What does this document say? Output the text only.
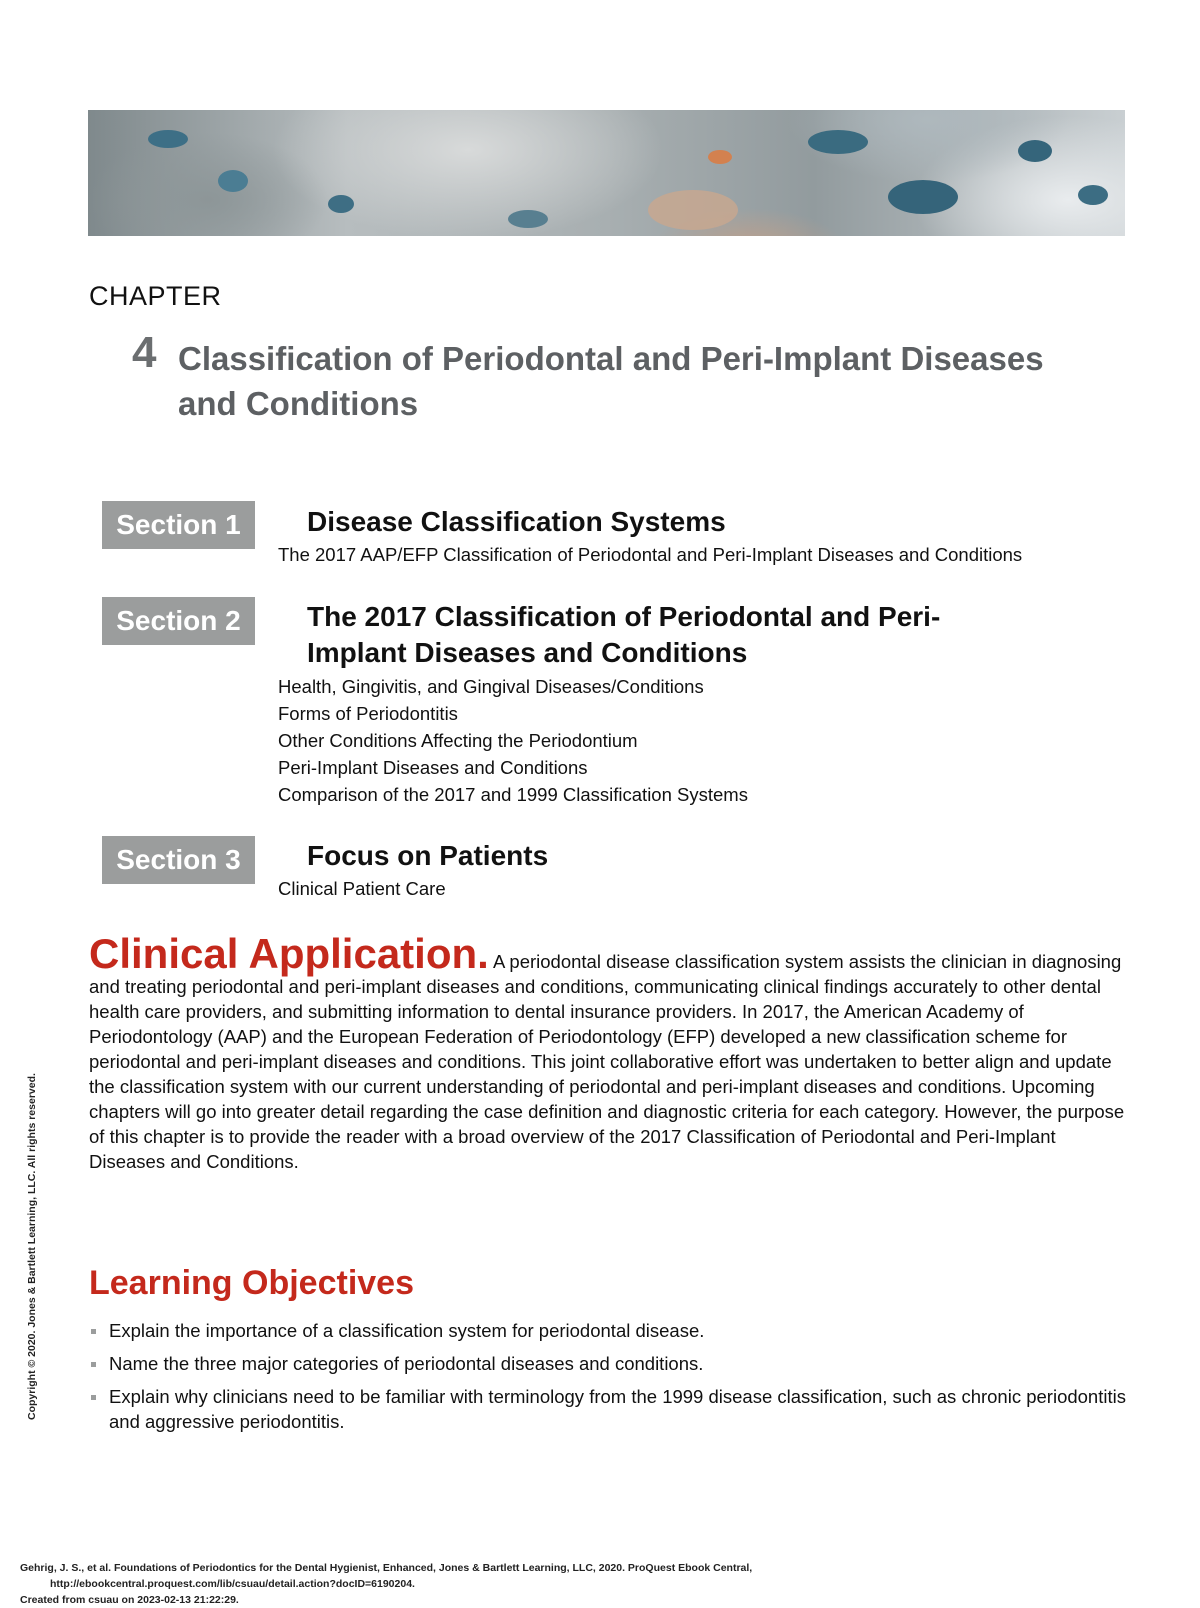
CHAPTER
4 Classification of Periodontal and Peri-Implant Diseases and Conditions
Section 1	Disease Classification Systems
The 2017 AAP/EFP Classification of Periodontal and Peri-Implant Diseases and Conditions
Section 2	The 2017 Classification of Periodontal and Peri-
Implant Diseases and Conditions
Health, Gingivitis, and Gingival Diseases/Conditions
Forms of Periodontitis
Other Conditions Affecting the Periodontium
Peri-Implant Diseases and Conditions
Comparison of the 2017 and 1999 Classification Systems
Section 3	Focus on Patients
Clinical Patient Care
Clinical Application. A periodontal disease classification system assists the clinician in diagnosing and treating periodontal and peri-implant diseases and conditions, communicating clinical findings accurately to other dental health care providers, and submitting information to dental insurance providers. In 2017, the American Academy of Periodontology (AAP) and the European Federation of Periodontology (EFP) developed a new classification scheme for periodontal and peri-implant diseases and conditions. This joint collaborative effort was undertaken to better align and update the classification system with our current understanding of periodontal and peri-implant diseases and conditions. Upcoming chapters will go into greater detail regarding the case definition and diagnostic criteria for each category. However, the purpose of this chapter is to provide the reader with a broad overview of the 2017 Classification of Periodontal and Peri-Implant Diseases and Conditions.
Learning Objectives
Explain the importance of a classification system for periodontal disease.
Name the three major categories of periodontal diseases and conditions.
Explain why clinicians need to be familiar with terminology from the 1999 disease classification, such as chronic periodontitis and aggressive periodontitis.
Copyright © 2020. Jones & Bartlett Learning, LLC. All rights reserved.
Gehrig, J. S., et al. Foundations of Periodontics for the Dental Hygienist, Enhanced, Jones & Bartlett Learning, LLC, 2020. ProQuest Ebook Central,
http://ebookcentral.proquest.com/lib/csuau/detail.action?docID=6190204.
Created from csuau on 2023-02-13 21:22:29.
